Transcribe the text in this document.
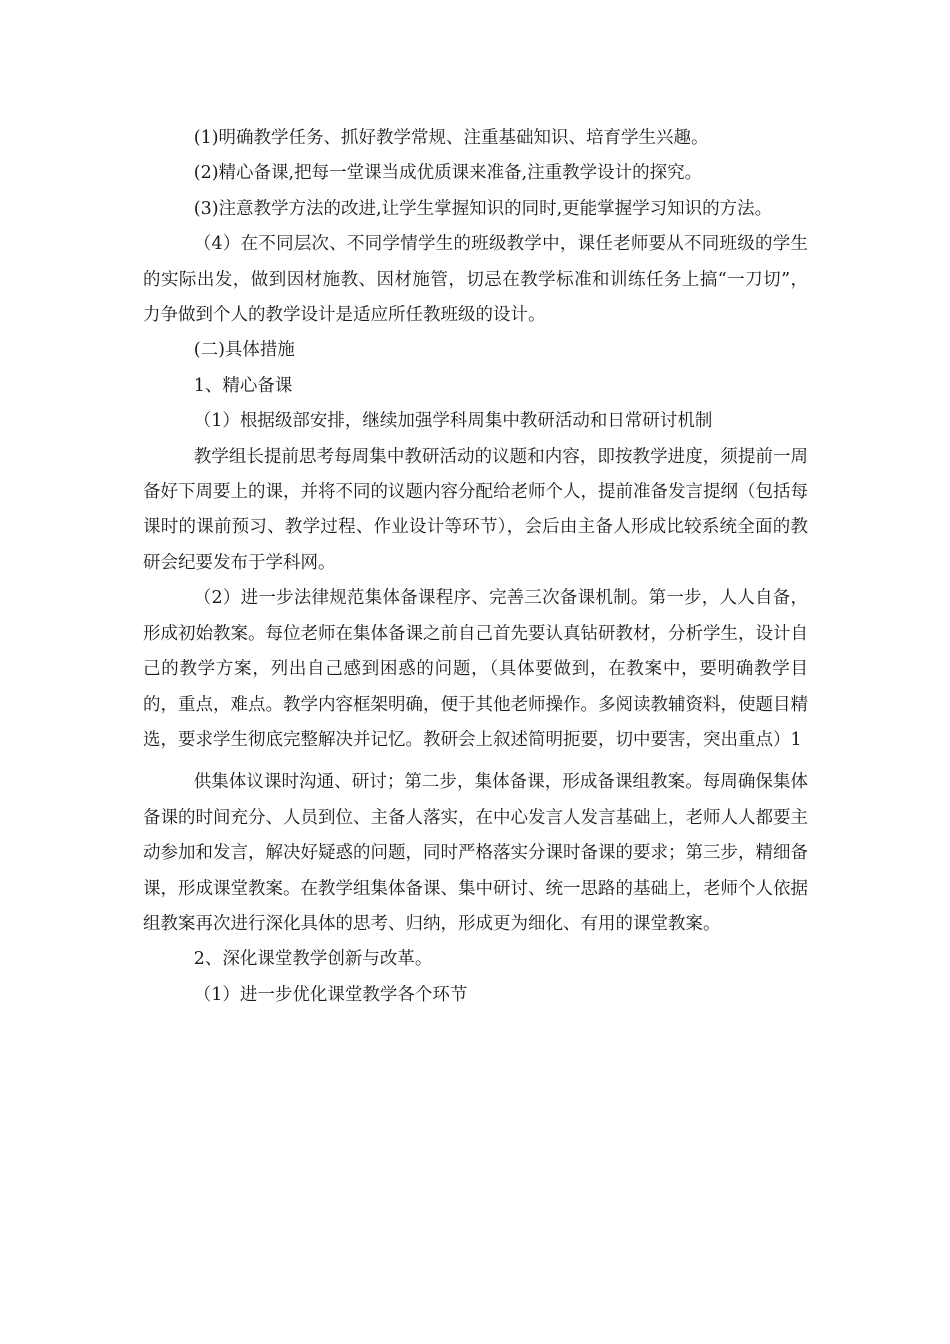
(1)明确教学任务、抓好教学常规、注重基础知识、培育学生兴趣。

(2)精心备课,把每一堂课当成优质课来准备,注重教学设计的探究。

(3)注意教学方法的改进,让学生掌握知识的同时,更能掌握学习知识的方法。

（4）在不同层次、不同学情学生的班级教学中，课任老师要从不同班级的学生的实际出发，做到因材施教、因材施管，切忌在教学标准和训练任务上搞“一刀切”，力争做到个人的教学设计是适应所任教班级的设计。

(二)具体措施

1、精心备课

（1）根据级部安排，继续加强学科周集中教研活动和日常研讨机制

教学组长提前思考每周集中教研活动的议题和内容，即按教学进度，须提前一周备好下周要上的课，并将不同的议题内容分配给老师个人，提前准备发言提纲（包括每课时的课前预习、教学过程、作业设计等环节），会后由主备人形成比较系统全面的教研会纪要发布于学科网。

（2）进一步法律规范集体备课程序、完善三次备课机制。第一步，人人自备，形成初始教案。每位老师在集体备课之前自己首先要认真钻研教材，分析学生，设计自己的教学方案，列出自己感到困惑的问题，（具体要做到，在教案中，要明确教学目的，重点，难点。教学内容框架明确，便于其他老师操作。多阅读教辅资料，使题目精选，要求学生彻底完整解决并记忆。教研会上叙述简明扼要，切中要害，突出重点）1

供集体议课时沟通、研讨；第二步，集体备课，形成备课组教案。每周确保集体备课的时间充分、人员到位、主备人落实，在中心发言人发言基础上，老师人人都要主动参加和发言，解决好疑惑的问题，同时严格落实分课时备课的要求；第三步，精细备课，形成课堂教案。在教学组集体备课、集中研讨、统一思路的基础上，老师个人依据组教案再次进行深化具体的思考、归纳，形成更为细化、有用的课堂教案。

2、深化课堂教学创新与改革。

（1）进一步优化课堂教学各个环节
